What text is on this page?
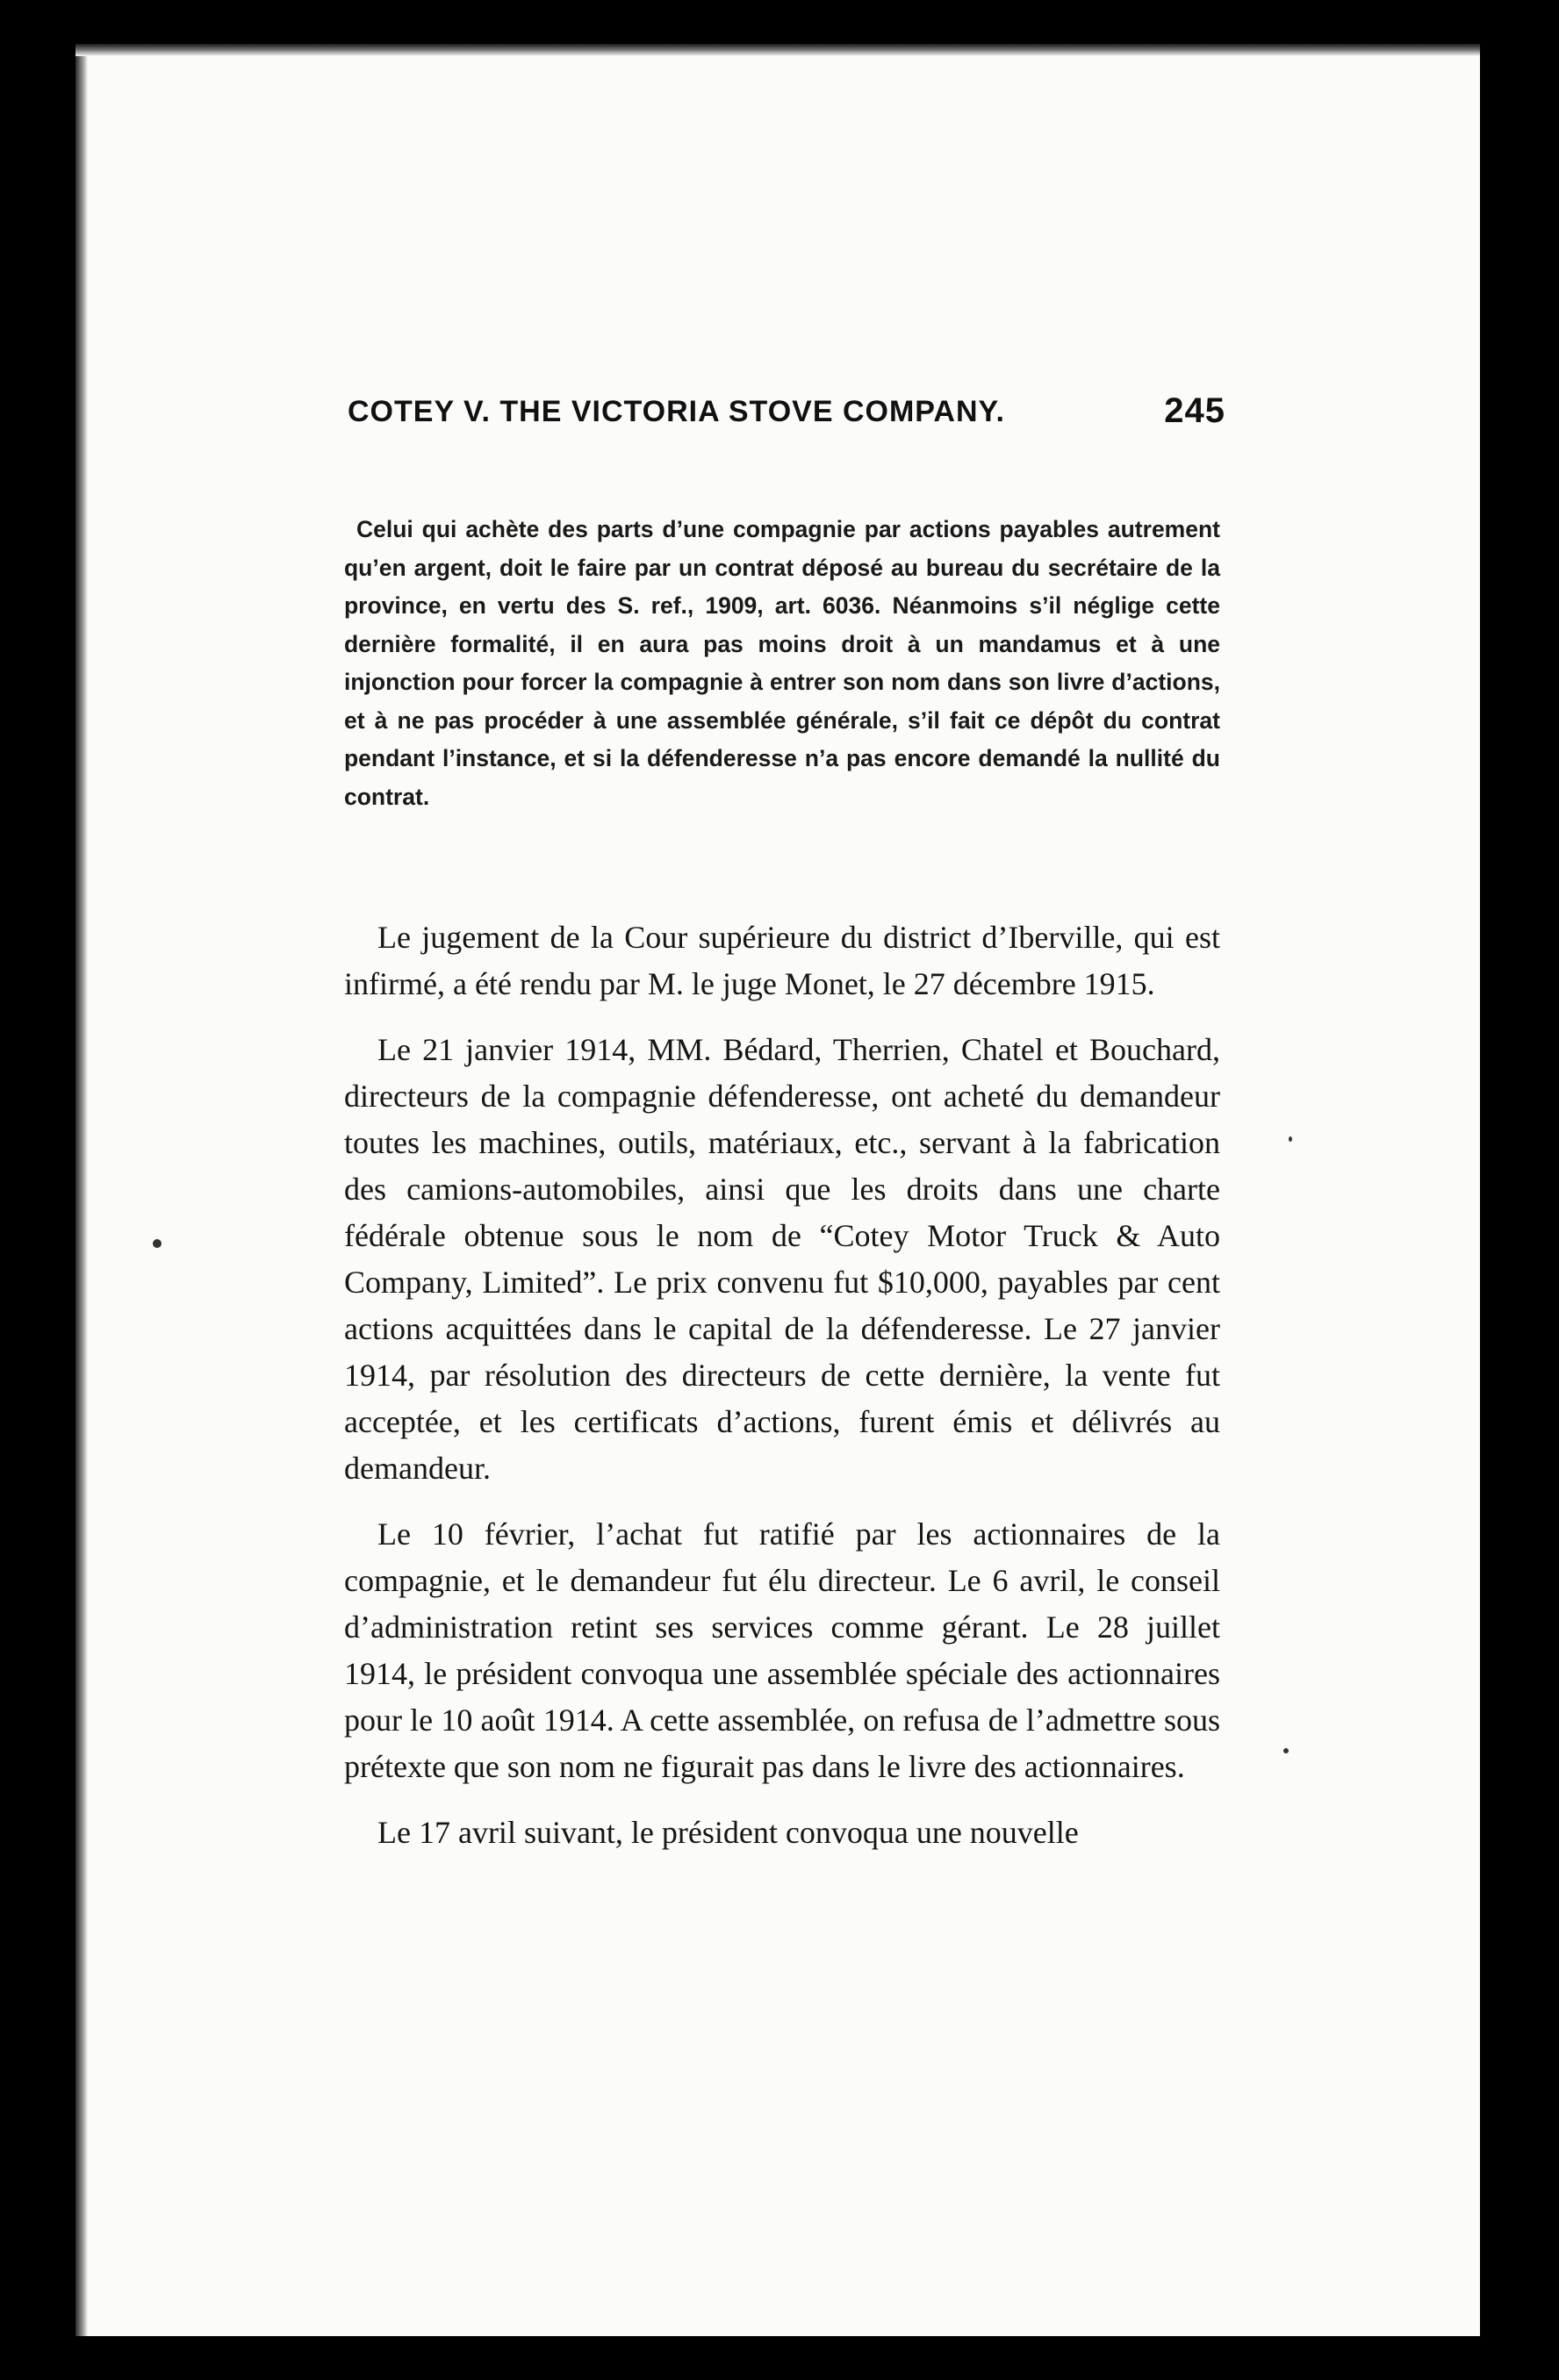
COTEY V. THE VICTORIA STOVE COMPANY.	245

Celui qui achète des parts d’une compagnie par actions payables autrement qu’en argent, doit le faire par un contrat déposé au bureau du secrétaire de la province, en vertu des S. ref., 1909, art. 6036. Néanmoins s’il néglige cette dernière formalité, il en aura pas moins droit à un mandamus et à une injonction pour forcer la compagnie à entrer son nom dans son livre d’actions, et à ne pas procéder à une assemblée générale, s’il fait ce dépôt du contrat pendant l’instance, et si la défenderesse n’a pas encore demandé la nullité du contrat.

Le jugement de la Cour supérieure du district d’Iberville, qui est infirmé, a été rendu par M. le juge Monet, le 27 décembre 1915.

Le 21 janvier 1914, MM. Bédard, Therrien, Chatel et Bouchard, directeurs de la compagnie défenderesse, ont acheté du demandeur toutes les machines, outils, matériaux, etc., servant à la fabrication des camions-automobiles, ainsi que les droits dans une charte fédérale obtenue sous le nom de “Cotey Motor Truck & Auto Company, Limited”. Le prix convenu fut $10,000, payables par cent actions acquittées dans le capital de la défenderesse. Le 27 janvier 1914, par résolution des directeurs de cette dernière, la vente fut acceptée, et les certificats d’actions, furent émis et délivrés au demandeur.

Le 10 février, l’achat fut ratifié par les actionnaires de la compagnie, et le demandeur fut élu directeur. Le 6 avril, le conseil d’administration retint ses services comme gérant. Le 28 juillet 1914, le président convoqua une assemblée spéciale des actionnaires pour le 10 août 1914. A cette assemblée, on refusa de l’admettre sous prétexte que son nom ne figurait pas dans le livre des actionnaires.

Le 17 avril suivant, le président convoqua une nouvelle
